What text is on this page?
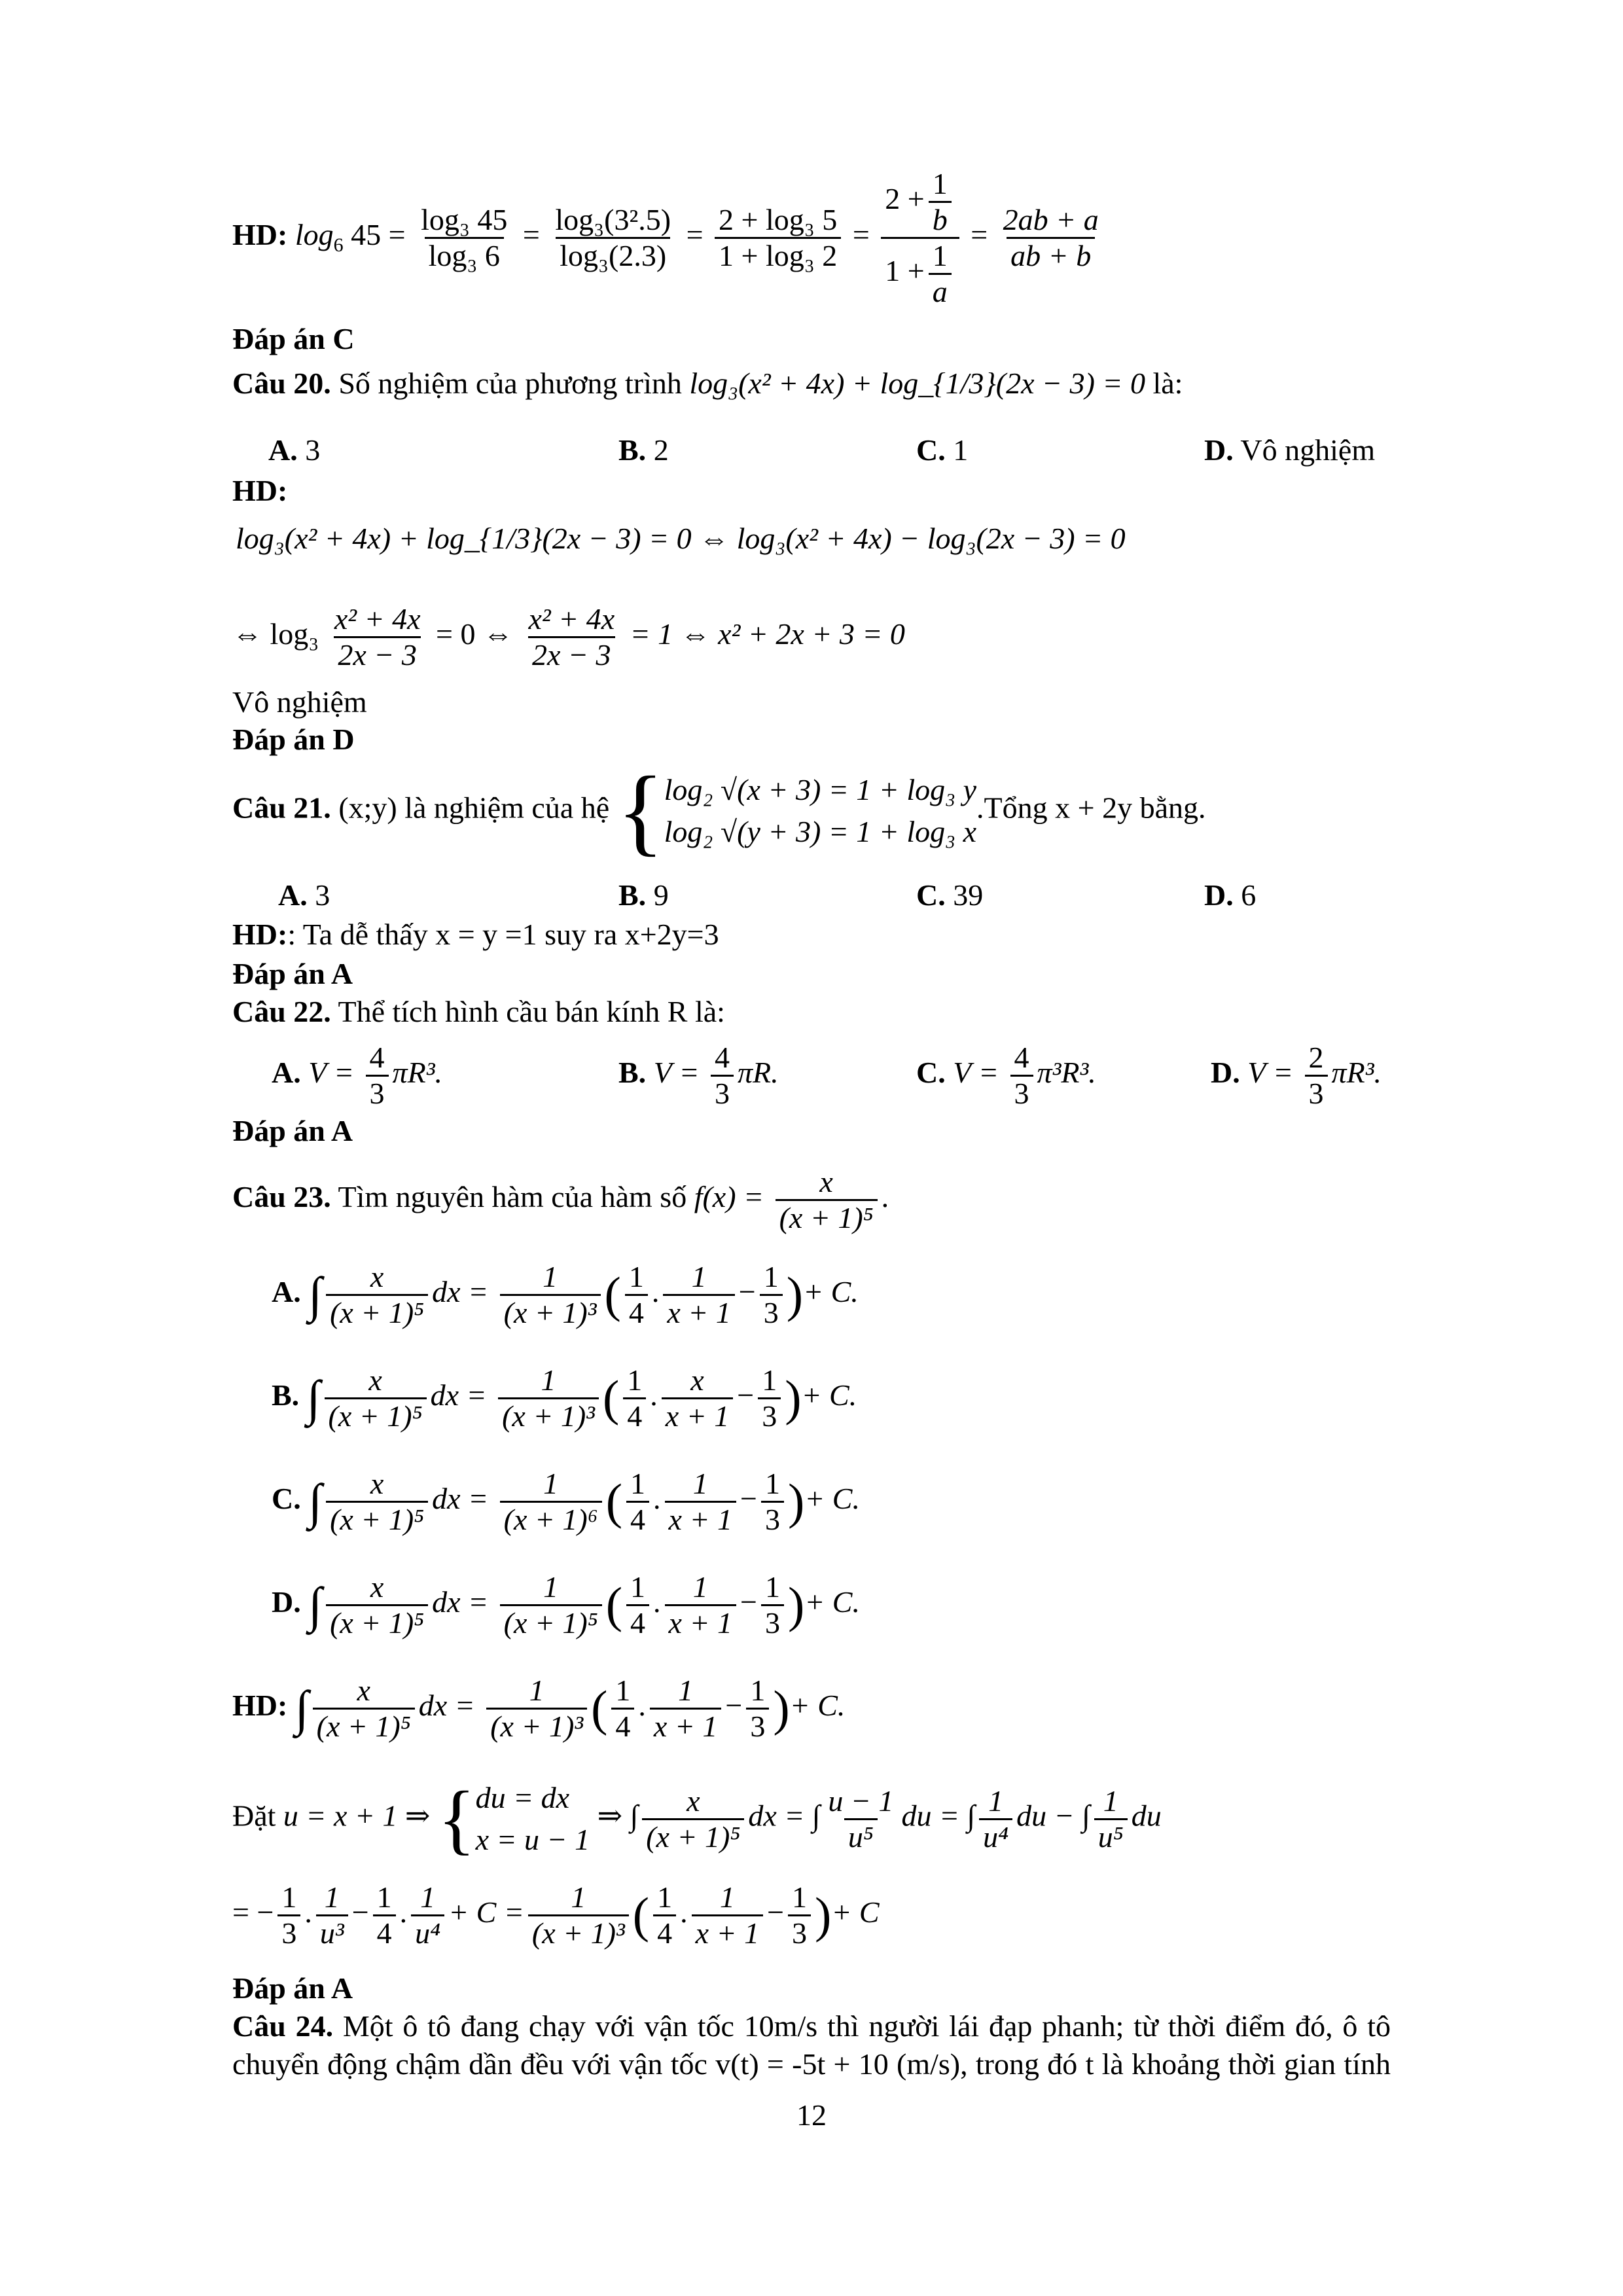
HD: $\log_6 45 = \frac{\text{log₃ 45}}{\text{log₃ 6}} = \frac{\text{log₃(3².5)}}{\text{log₃(2.3)}} = \frac{\text{2 + log₃ 5}}{\text{1 + log₃ 2}} = \frac{2 + \frac{1}{b}}{1 + \frac{1}{a}} = \frac{2ab + a}{ab + b}$
Đáp án C
Câu 20. Số nghiệm của phương trình log₃(x² + 4x) + log_{1/3}(2x − 3) = 0 là:
A. 3	B. 2	C. 1	D. Vô nghiệm
HD:
log₃(x² + 4x) + log_{1/3}(2x − 3) = 0 ⇔ log₃(x² + 4x) − log₃(2x − 3) = 0
⇔ $\log_3 \frac{\text{x² + 4x}}{2x - 3} = 0$ ⇔ $\frac{\text{x² + 4x}}{2x - 3} = 1$ ⇔ x² + 2x + 3 = 0
Vô nghiệm
Đáp án D
Câu 21. (x;y) là nghiệm của hệ { log₂ √(x + 3) = 1 + log₃ y
log₂ √(y + 3) = 1 + log₃ x
.Tổng x + 2y bằng.
A. 3	B. 9	C. 39	D. 6
HD:: Ta dễ thấy x = y =1 suy ra x+2y=3
Đáp án A
Câu 22. Thể tích hình cầu bán kính R là:
A. $V = \frac{4}{3} \pi R^3$.	B. $V = \frac{4}{3} \pi R$.	C. $V = \frac{4}{3} \pi^3R^3$.	D. $V = \frac{2}{3} \pi R^3$.
Đáp án A
Câu 23. Tìm nguyên hàm của hàm số $f(x) = \frac{x}{\text{(x + 1)⁵}}$ .
A. ∫ $\frac{x}{\text{(x + 1)⁵}}$ dx = $\frac{1}{\text{(x + 1)³}}$ ( $\frac{1}{4}$ . $\frac{1}{x + 1} - \frac{1}{3}$ )+ C.
B. ∫ $\frac{x}{\text{(x + 1)⁵}}$ dx = $\frac{1}{\text{(x + 1)³}}$ ( $\frac{1}{4}$ . $\frac{x}{x + 1} - \frac{1}{3}$ )+ C.
C. ∫ $\frac{x}{\text{(x + 1)⁵}}$ dx = $\frac{1}{\text{(x + 1)⁶}}$ ( $\frac{1}{4}$ . $\frac{1}{x + 1} - \frac{1}{3}$ )+ C.
D. ∫ $\frac{x}{\text{(x + 1)⁵}}$ dx = $\frac{1}{\text{(x + 1)⁵}}$ ( $\frac{1}{4}$ . $\frac{1}{x + 1} - \frac{1}{3}$ )+ C.
HD: ∫ $\frac{x}{\text{(x + 1)⁵}}$ dx = $\frac{1}{\text{(x + 1)³}}$ ( $\frac{1}{4}$ . $\frac{1}{x + 1} - \frac{1}{3}$ )+ C.
Đặt u = x + 1 ⇒ { du = dx
x = u − 1
⇒ ∫ $\frac{x}{\text{(x + 1)⁵}}$ dx = ∫ $\frac{u - 1}{\text{u⁵}}$ du = ∫ $\frac{1}{\text{u⁴}}$ du − ∫ $\frac{1}{\text{u⁵}}$ du
= − $\frac{1}{3}$ . $\frac{1}{\text{u³}} - \frac{1}{4}$ . $\frac{1}{\text{u⁴}} + C = \frac{1}{\text{(x + 1)³}}$ ( $\frac{1}{4}$ . $\frac{1}{x + 1} - \frac{1}{3}$ )+ C
Đáp án A
Câu 24. Một ô tô đang chạy với vận tốc 10m/s thì người lái đạp phanh; từ thời điểm đó, ô tô
chuyển động chậm dần đều với vận tốc v(t) = -5t + 10 (m/s), trong đó t là khoảng thời gian tính
12
